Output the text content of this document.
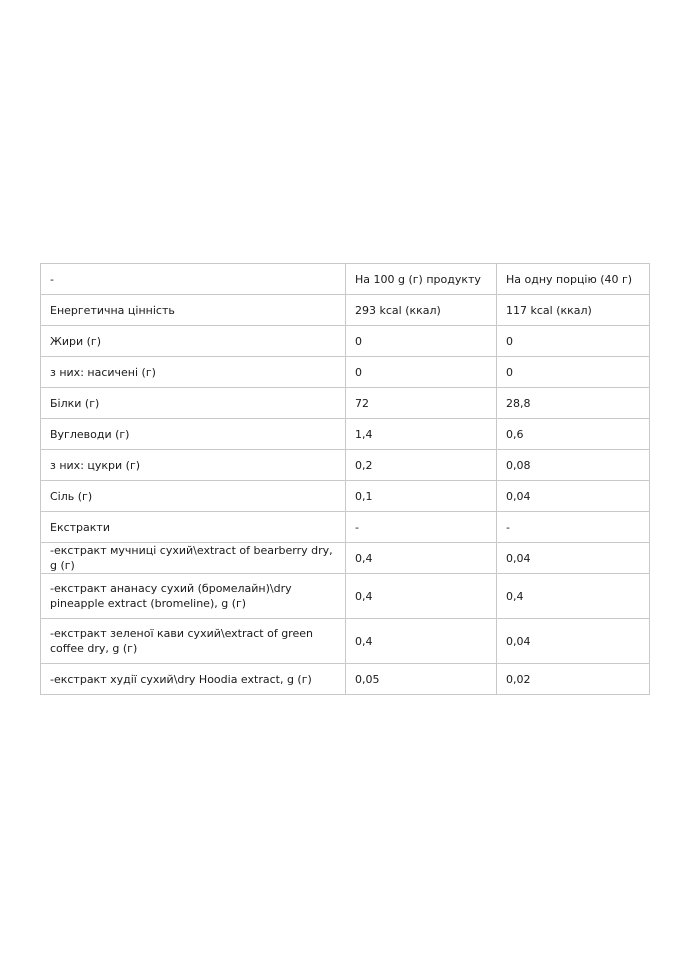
-	На 100 g (г) продукту	На одну порцію (40 г)
Енергетична цінність	293 kcal (ккал)	117 kcal (ккал)
Жири (г)	0	0
з них: насичені (г)	0	0
Білки (г)	72	28,8
Вуглеводи (г)	1,4	0,6
з них: цукри (г)	0,2	0,08
Сіль (г)	0,1	0,04
Екстракти	-	-
-екстракт мучниці сухий\extract of bearberry dry, g (г)	0,4	0,04
-екстракт ананасу сухий (бромелайн)\dry pineapple extract (bromeline), g (г)	0,4	0,4
-екстракт зеленої кави сухий\extract of green coffee dry, g (г)	0,4	0,04
-екстракт худії сухий\dry Hoodia extract, g (г)	0,05	0,02
